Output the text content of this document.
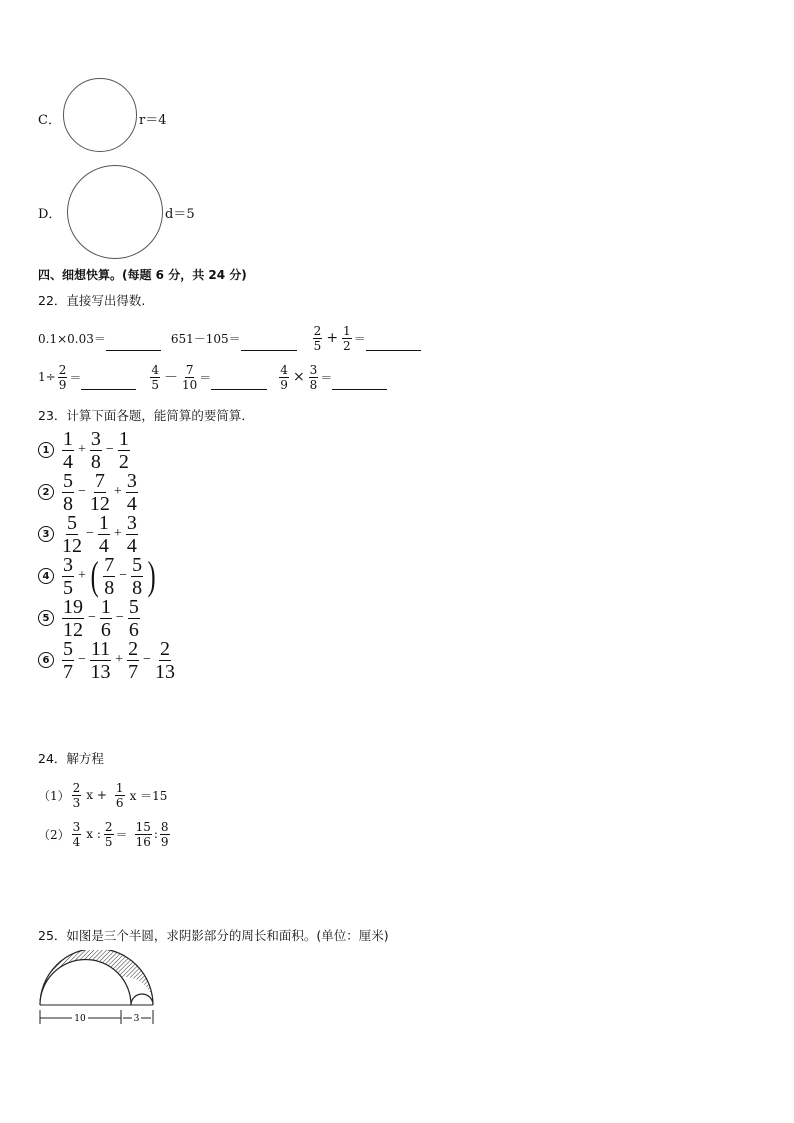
C．	r＝4
D．	d＝5
四、细想快算。(每题 6 分，共 24 分)
22．直接写出得数.
0.1×0.03＝	651－105＝	$\frac{2}{5} + \frac{1}{2}$ ＝
$1\div \frac{2}{9}$ ＝	$\frac{4}{5} - \frac{7}{10}$ ＝	$\frac{4}{9} \times \frac{3}{8}$ ＝
23．计算下面各题，能简算的要简算．
$1 \frac{1}{4} + \frac{3}{8} - \frac{1}{2}$
$2 \frac{5}{8} - \frac{7}{12} + \frac{3}{4}$
$3 \frac{5}{12} - \frac{1}{4} + \frac{3}{4}$
$4 \frac{3}{5}$ + ( $\frac{7}{8} - \frac{5}{8}$ )
$5 \frac{19}{12} - \frac{1}{6} - \frac{5}{6}$
$6 \frac{5}{7} - \frac{11}{13} + \frac{2}{7} - \frac{2}{13}$
24．解方程
$(1) \frac{2}{3}$ $x + \frac{1}{6}$ x ＝15
$(2) \frac{3}{4}$ x : $\frac{2}{5} = \frac{15}{16}$ : $\frac{8}{9}$
25．如图是三个半圆，求阴影部分的周长和面积。(单位：厘米)
10	3
